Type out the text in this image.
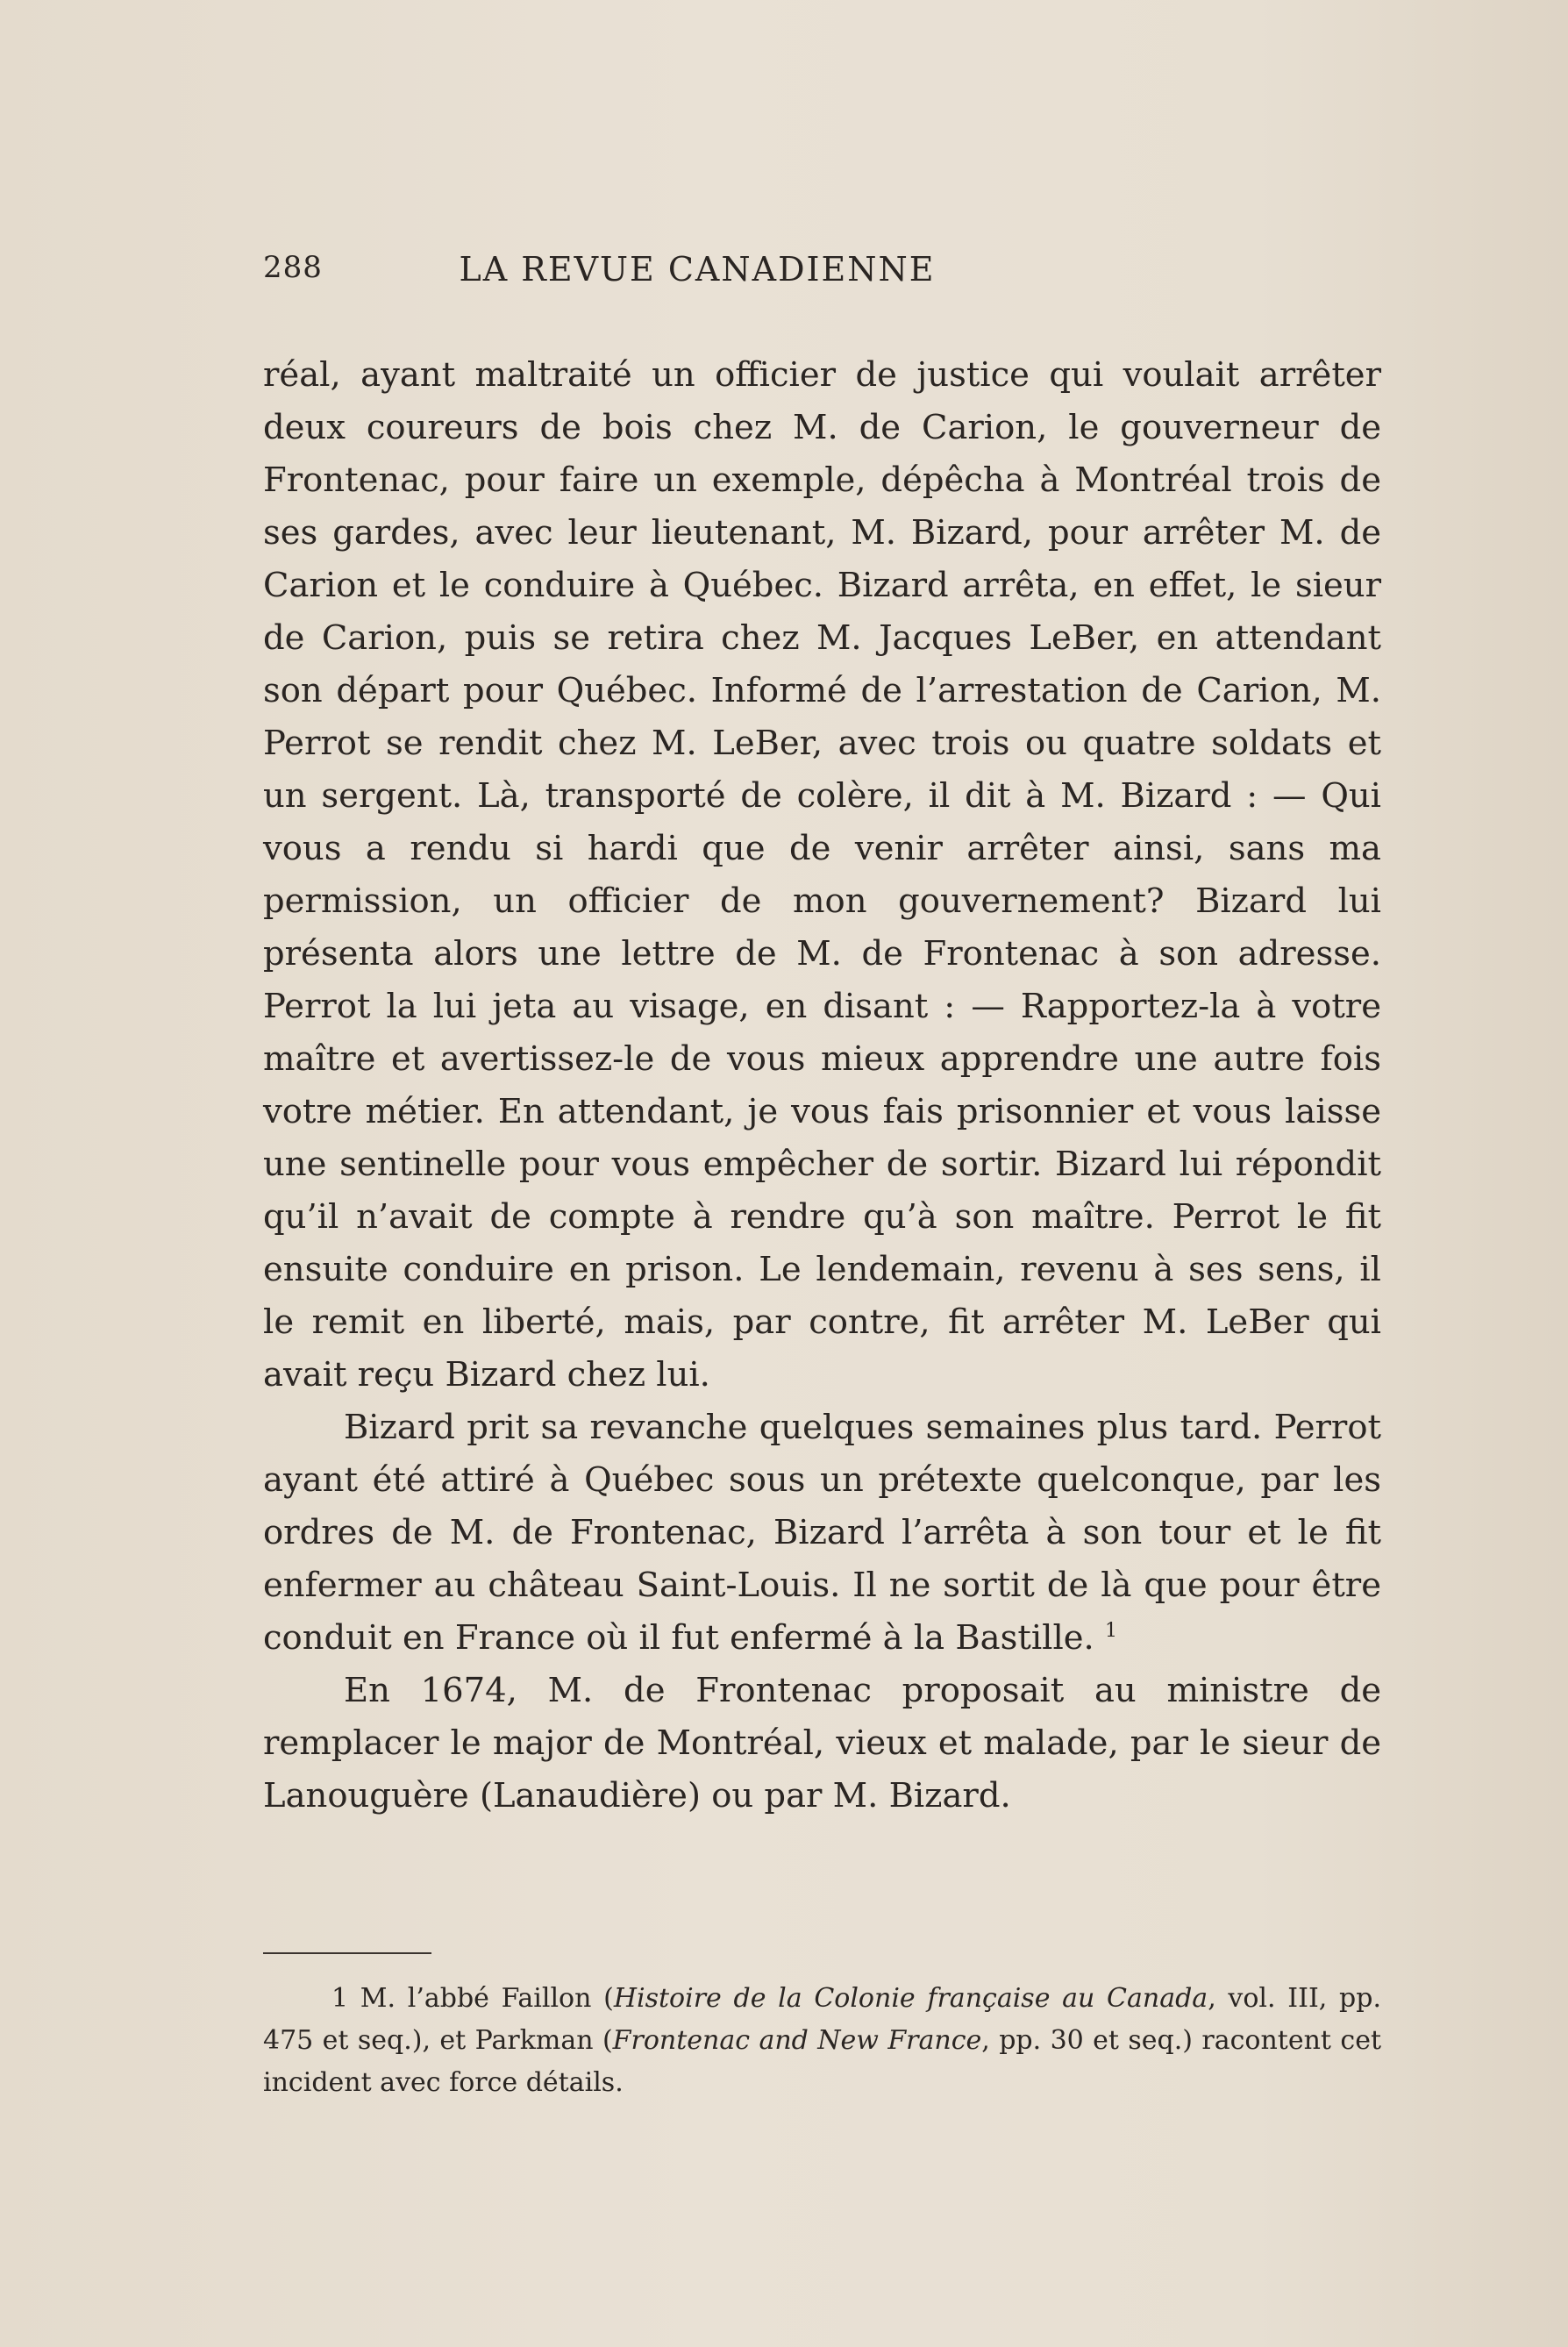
288	LA REVUE CANADIENNE

réal, ayant maltraité un officier de justice qui voulait arrêter deux coureurs de bois chez M. de Carion, le gouverneur de Frontenac, pour faire un exemple, dépêcha à Montréal trois de ses gardes, avec leur lieutenant, M. Bizard, pour arrêter M. de Carion et le conduire à Québec. Bizard arrêta, en effet, le sieur de Carion, puis se retira chez M. Jacques LeBer, en attendant son départ pour Québec. Informé de l’arrestation de Carion, M. Perrot se rendit chez M. LeBer, avec trois ou quatre soldats et un sergent. Là, transporté de colère, il dit à M. Bizard : — Qui vous a rendu si hardi que de venir arrêter ainsi, sans ma permission, un officier de mon gouvernement? Bizard lui présenta alors une lettre de M. de Frontenac à son adresse. Perrot la lui jeta au visage, en disant : — Rapportez-la à votre maître et avertissez-le de vous mieux apprendre une autre fois votre métier. En attendant, je vous fais prisonnier et vous laisse une sentinelle pour vous empêcher de sortir. Bizard lui répondit qu’il n’avait de compte à rendre qu’à son maître. Perrot le fit ensuite conduire en prison. Le lendemain, revenu à ses sens, il le remit en liberté, mais, par contre, fit arrêter M. LeBer qui avait reçu Bizard chez lui.

Bizard prit sa revanche quelques semaines plus tard. Perrot ayant été attiré à Québec sous un prétexte quelconque, par les ordres de M. de Frontenac, Bizard l’arrêta à son tour et le fit enfermer au château Saint-Louis. Il ne sortit de là que pour être conduit en France où il fut enfermé à la Bastille. $^1$

En 1674, M. de Frontenac proposait au ministre de remplacer le major de Montréal, vieux et malade, par le sieur de Lanouguère (Lanaudière) ou par M. Bizard.

1 M. l’abbé Faillon (Histoire de la Colonie française au Canada, vol. III, pp. 475 et seq.), et Parkman (Frontenac and New France, pp. 30 et seq.) racontent cet incident avec force détails.
